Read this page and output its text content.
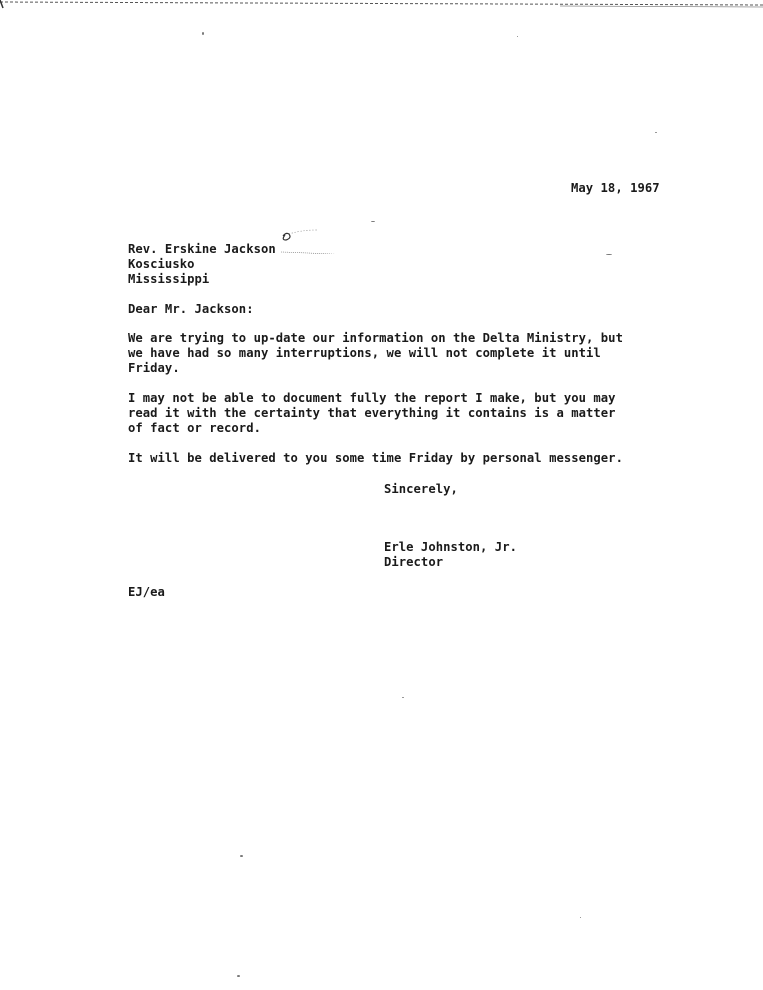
May 18, 1967
Rev. Erskine Jackson
Kosciusko
Mississippi
Dear Mr. Jackson:
We are trying to up-date our information on the Delta Ministry, but
we have had so many interruptions, we will not complete it until
Friday.
I may not be able to document fully the report I make, but you may
read it with the certainty that everything it contains is a matter
of fact or record.
It will be delivered to you some time Friday by personal messenger.
Sincerely,
Erle Johnston, Jr.
Director
EJ/ea
